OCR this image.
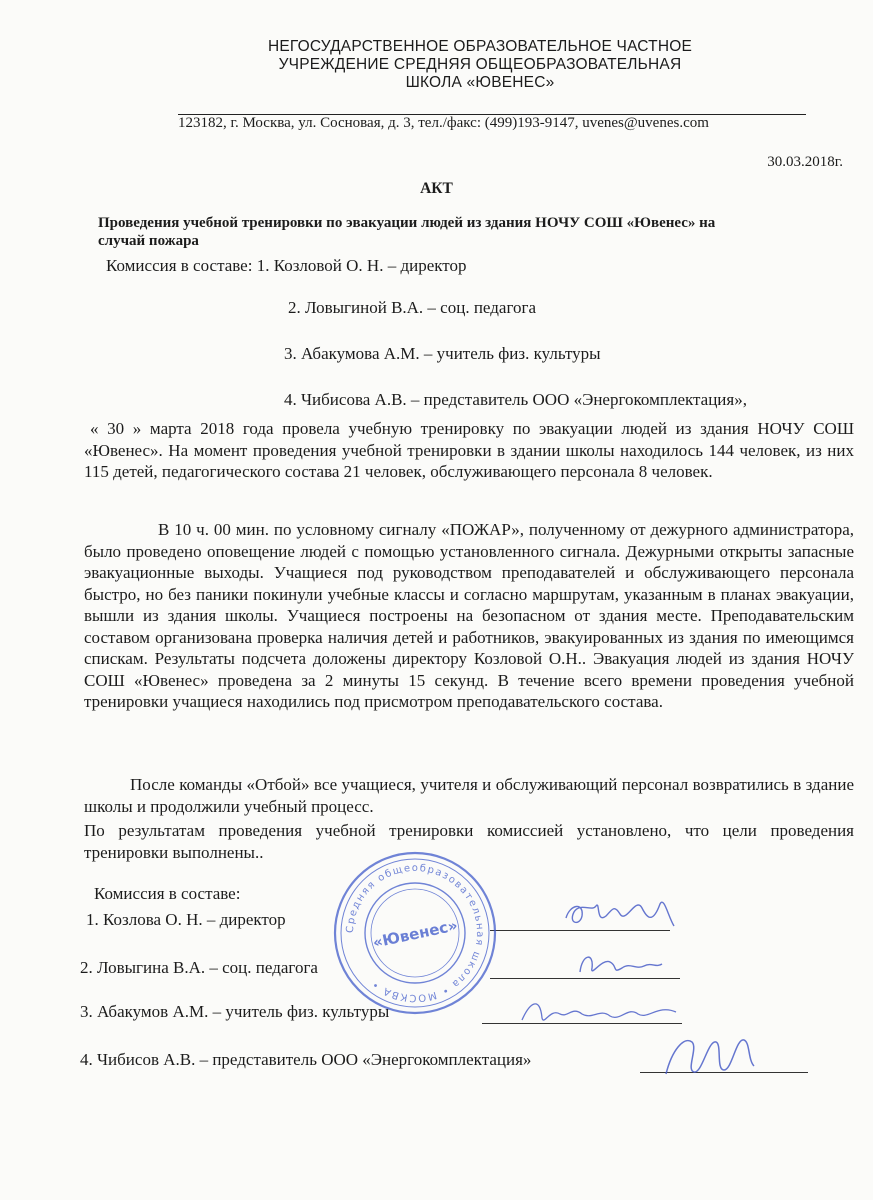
НЕГОСУДАРСТВЕННОЕ ОБРАЗОВАТЕЛЬНОЕ ЧАСТНОЕ
УЧРЕЖДЕНИЕ СРЕДНЯЯ ОБЩЕОБРАЗОВАТЕЛЬНАЯ
ШКОЛА «ЮВЕНЕС»
123182, г. Москва, ул. Сосновая, д. 3, тел./факс: (499)193-9147, uvenes@uvenes.com
30.03.2018г.
АКТ
Проведения учебной тренировки по эвакуации людей из здания НОЧУ СОШ «Ювенес» на
случай пожара
Комиссия в составе: 1. Козловой О. Н. – директор
2. Ловыгиной В.А. – соц. педагога
3. Абакумова А.М. – учитель физ. культуры
4. Чибисова А.В. – представитель ООО «Энергокомплектация»,
« 30 » марта 2018 года провела учебную тренировку по эвакуации людей из здания НОЧУ СОШ «Ювенес». На момент проведения учебной тренировки в здании школы находилось 144 человек, из них 115 детей, педагогического состава 21 человек, обслуживающего персонала 8 человек.
В 10 ч. 00 мин. по условному сигналу «ПОЖАР», полученному от дежурного администратора, было проведено оповещение людей с помощью установленного сигнала. Дежурными открыты запасные эвакуационные выходы. Учащиеся под руководством преподавателей и обслуживающего персонала быстро, но без паники покинули учебные классы и согласно маршрутам, указанным в планах эвакуации, вышли из здания школы. Учащиеся построены на безопасном от здания месте. Преподавательским составом организована проверка наличия детей и работников, эвакуированных из здания по имеющимся спискам. Результаты подсчета доложены директору Козловой О.Н.. Эвакуация людей из здания НОЧУ СОШ «Ювенес» проведена за 2 минуты 15 секунд. В течение всего времени проведения учебной тренировки учащиеся находились под присмотром преподавательского состава.
После команды «Отбой» все учащиеся, учителя и обслуживающий персонал возвратились в здание школы и продолжили учебный процесс.
По результатам проведения учебной тренировки комиссией установлено, что цели проведения тренировки выполнены..
Комиссия в составе:
1. Козлова О. Н. – директор
2. Ловыгина В.А. – соц. педагога
3. Абакумов А.М. – учитель физ. культуры
4. Чибисов А.В. – представитель ООО «Энергокомплектация»
Средняя общеобразовательная школа • МОСКВА •
«Ювенес»
